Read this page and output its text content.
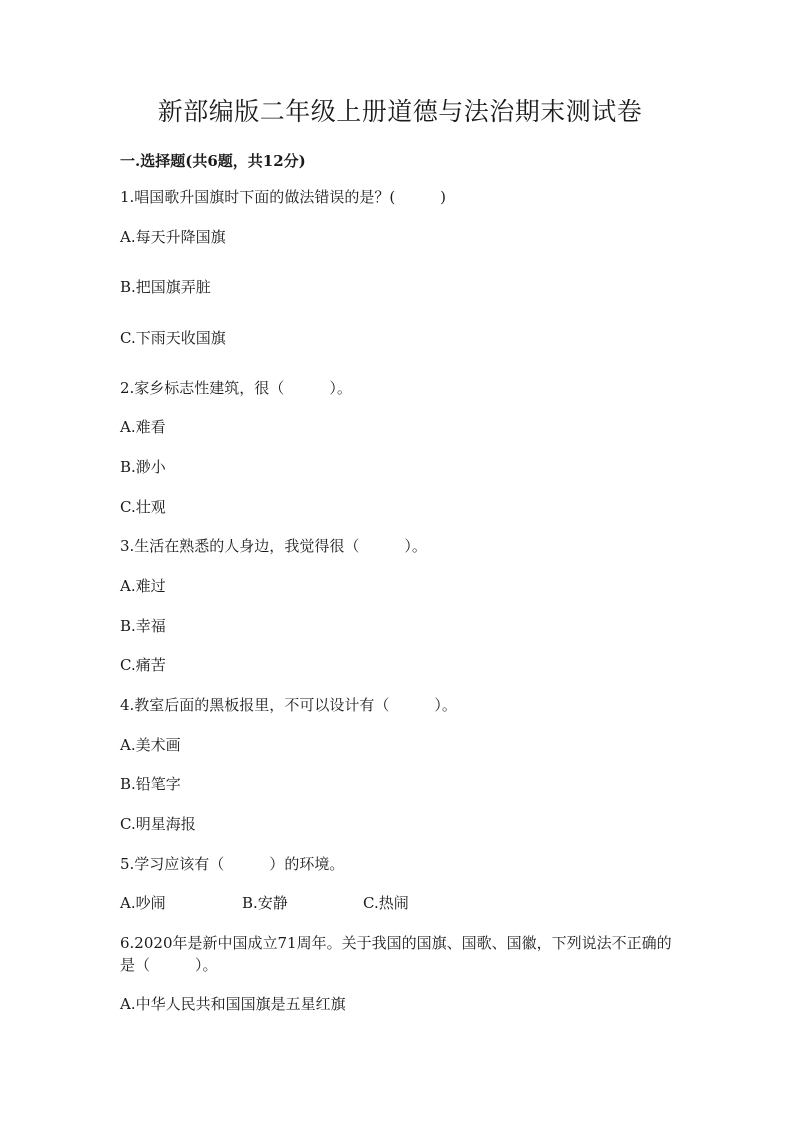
新部编版二年级上册道德与法治期末测试卷
一.选择题(共6题，共12分)
1.唱国歌升国旗时下面的做法错误的是？(　　　)
A.每天升降国旗
B.把国旗弄脏
C.下雨天收国旗
2.家乡标志性建筑，很（　　　）。
A.难看
B.渺小
C.壮观
3.生活在熟悉的人身边，我觉得很（　　　）。
A.难过
B.幸福
C.痛苦
4.教室后面的黑板报里，不可以设计有（　　　）。
A.美术画
B.铅笔字
C.明星海报
5.学习应该有（　　　）的环境。
A.吵闹	B.安静	C.热闹
6.2020年是新中国成立71周年。关于我国的国旗、国歌、国徽，下列说法不正确的是（　　　）。
A.中华人民共和国国旗是五星红旗
